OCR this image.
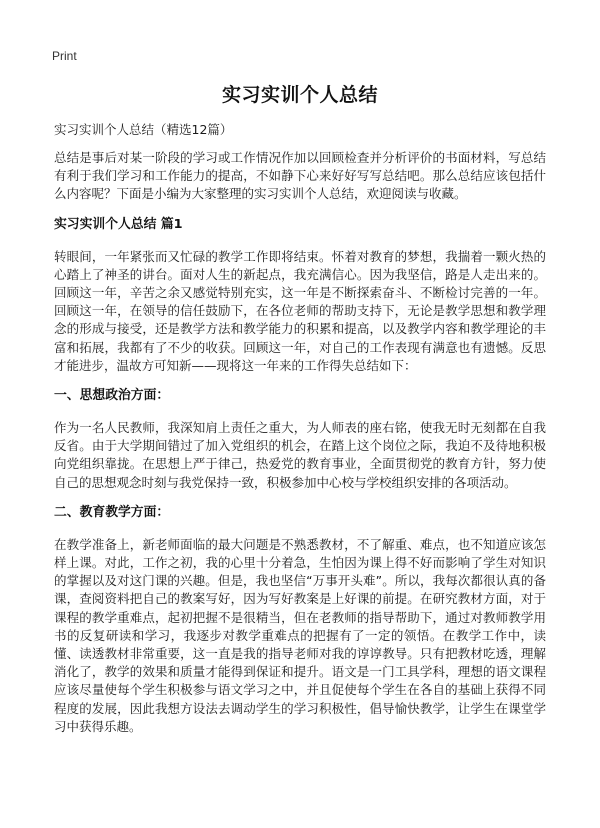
Print
实习实训个人总结
实习实训个人总结（精选12篇）

总结是事后对某一阶段的学习或工作情况作加以回顾检查并分析评价的书面材料，写总结有利于我们学习和工作能力的提高，不如静下心来好好写写总结吧。那么总结应该包括什么内容呢？下面是小编为大家整理的实习实训个人总结，欢迎阅读与收藏。

实习实训个人总结 篇1

转眼间，一年紧张而又忙碌的教学工作即将结束。怀着对教育的梦想，我揣着一颗火热的心踏上了神圣的讲台。面对人生的新起点，我充满信心。因为我坚信，路是人走出来的。回顾这一年，辛苦之余又感觉特别充实，这一年是不断探索奋斗、不断检讨完善的一年。回顾这一年，在领导的信任鼓励下，在各位老师的帮助支持下，无论是教学思想和教学理念的形成与接受，还是教学方法和教学能力的积累和提高，以及教学内容和教学理论的丰富和拓展，我都有了不少的收获。回顾这一年，对自己的工作表现有满意也有遗憾。反思才能进步，温故方可知新——现将这一年来的工作得失总结如下：

一、思想政治方面：

作为一名人民教师，我深知肩上责任之重大，为人师表的座右铭，使我无时无刻都在自我反省。由于大学期间错过了加入党组织的机会，在踏上这个岗位之际，我迫不及待地积极向党组织靠拢。在思想上严于律己，热爱党的教育事业，全面贯彻党的教育方针，努力使自己的思想观念时刻与我党保持一致，积极参加中心校与学校组织安排的各项活动。

二、教育教学方面：

在教学准备上，新老师面临的最大问题是不熟悉教材，不了解重、难点，也不知道应该怎样上课。对此，工作之初，我的心里十分着急，生怕因为课上得不好而影响了学生对知识的掌握以及对这门课的兴趣。但是，我也坚信“万事开头难”。所以，我每次都很认真的备课，查阅资料把自己的教案写好，因为写好教案是上好课的前提。在研究教材方面，对于课程的教学重难点，起初把握不是很精当，但在老教师的指导帮助下，通过对教师教学用书的反复研读和学习，我逐步对教学重难点的把握有了一定的领悟。在教学工作中，读懂、读透教材非常重要，这一直是我的指导老师对我的谆谆教导。只有把教材吃透，理解消化了，教学的效果和质量才能得到保证和提升。语文是一门工具学科，理想的语文课程应该尽量使每个学生积极参与语文学习之中，并且促使每个学生在各自的基础上获得不同程度的发展，因此我想方设法去调动学生的学习积极性，倡导愉快教学，让学生在课堂学习中获得乐趣。
